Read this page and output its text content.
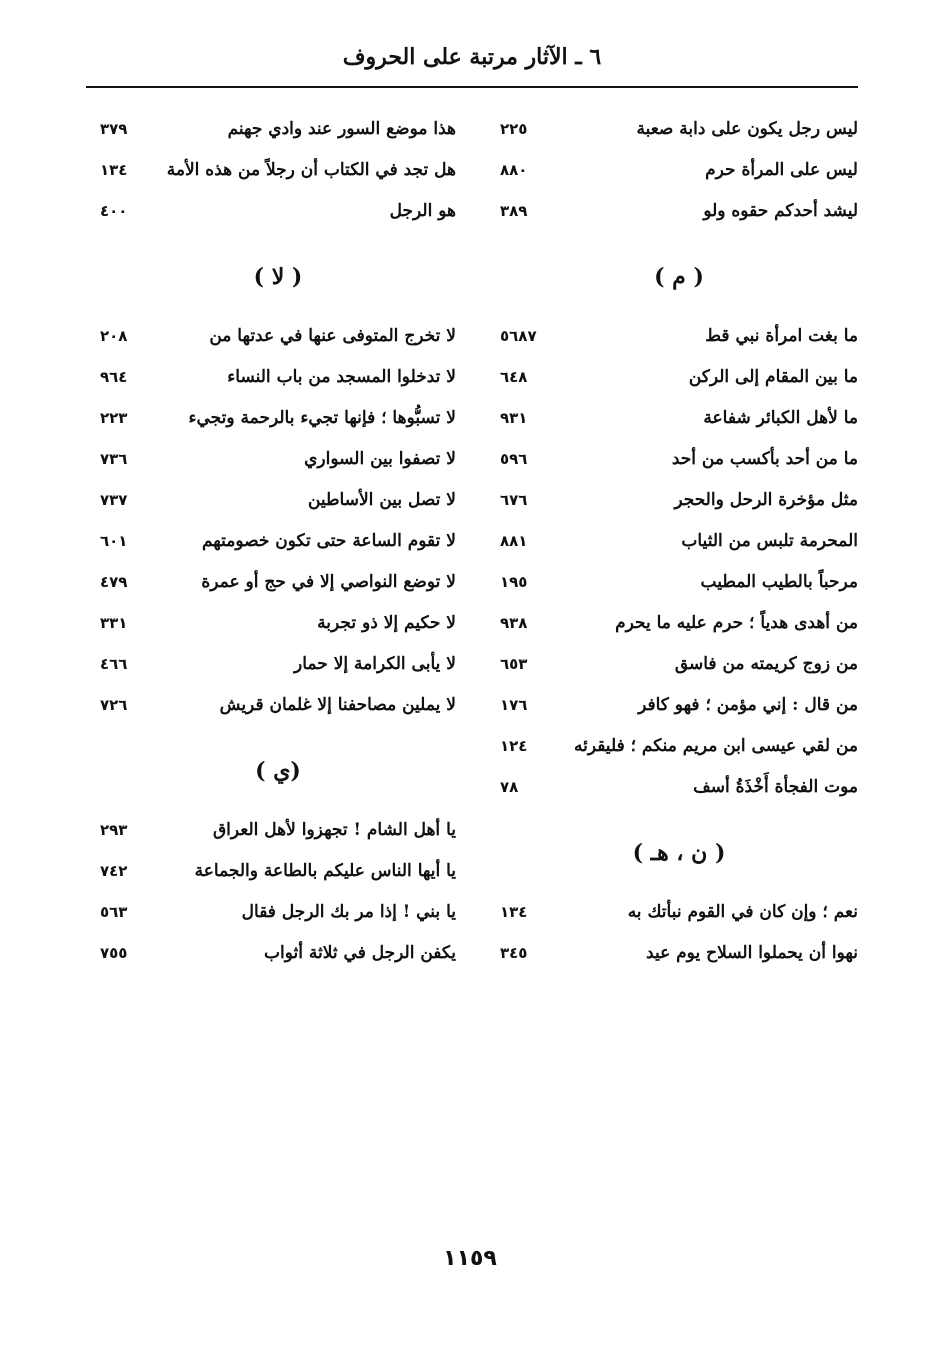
٦ ـ الآثار مرتبة على الحروف
ليس رجل يكون على دابة صعبة
٢٢٥
ليس على المرأة حرم
٨٨٠
ليشد أحدكم حقوه ولو
٣٨٩
( م )
ما بغت امرأة نبي قط
٥٦٨٧
ما بين المقام إلى الركن
٦٤٨
ما لأهل الكبائر شفاعة
٩٣١
ما من أحد بأكسب من أحد
٥٩٦
مثل مؤخرة الرحل والحجر
٦٧٦
المحرمة تلبس من الثياب
٨٨١
مرحباً بالطيب المطيب
١٩٥
من أهدى هدياً ؛ حرم عليه ما يحرم
٩٣٨
من زوج كريمته من فاسق
٦٥٣
من قال : إني مؤمن ؛ فهو كافر
١٧٦
من لقي عيسى ابن مريم منكم ؛ فليقرئه
١٢٤
موت الفجأة أَخْذَةُ أسف
٧٨
( ن ، هـ )
نعم ؛ وإن كان في القوم نبأتك به
١٣٤
نهوا أن يحملوا السلاح يوم عيد
٣٤٥
هذا موضع السور عند وادي جهنم
٣٧٩
هل تجد في الكتاب أن رجلاً من هذه الأمة
١٣٤
هو الرجل
٤٠٠
( لا )
لا تخرج المتوفى عنها في عدتها من
٢٠٨
لا تدخلوا المسجد من باب النساء
٩٦٤
لا تسبُّوها ؛ فإنها تجيء بالرحمة وتجيء
٢٢٣
لا تصفوا بين السواري
٧٣٦
لا تصل بين الأساطين
٧٣٧
لا تقوم الساعة حتى تكون خصومتهم
٦٠١
لا توضع النواصي إلا في حج أو عمرة
٤٧٩
لا حكيم إلا ذو تجربة
٣٣١
لا يأبى الكرامة إلا حمار
٤٦٦
لا يملين مصاحفنا إلا غلمان قريش
٧٢٦
(ي )
يا أهل الشام ! تجهزوا لأهل العراق
٢٩٣
يا أيها الناس عليكم بالطاعة والجماعة
٧٤٢
يا بني ! إذا مر بك الرجل فقال
٥٦٣
يكفن الرجل في ثلاثة أثواب
٧٥٥
١١٥٩
